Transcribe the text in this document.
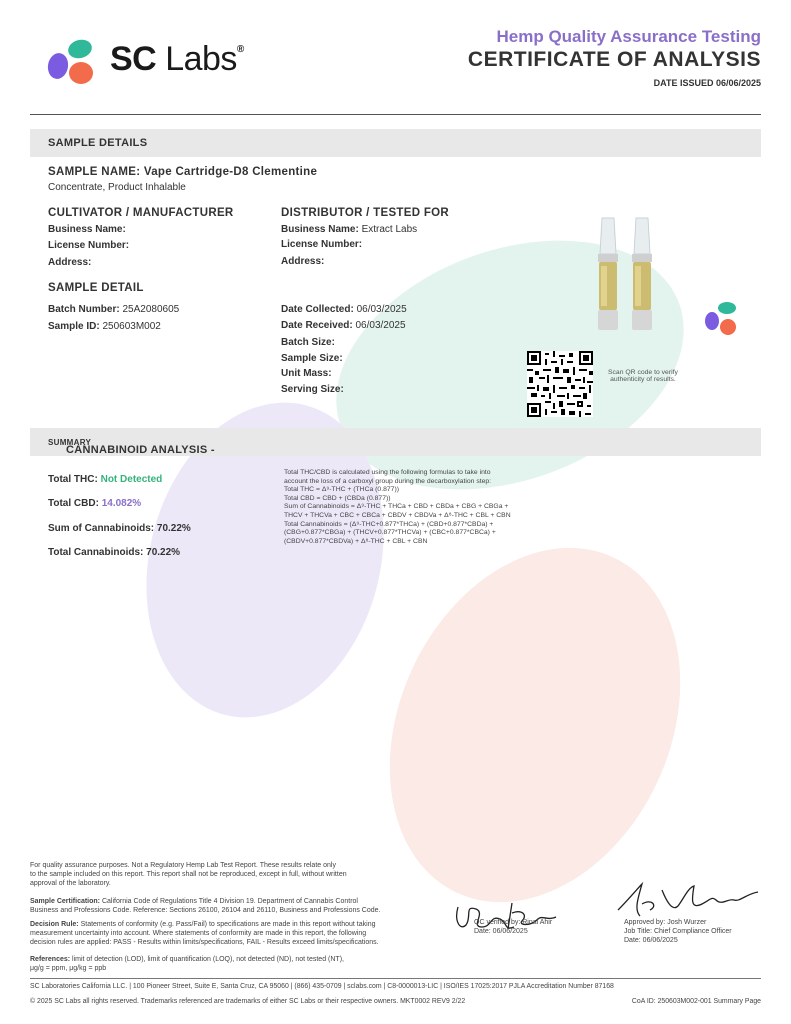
SC Labs®
Hemp Quality Assurance Testing
CERTIFICATE OF ANALYSIS
DATE ISSUED 06/06/2025
SAMPLE DETAILS
SAMPLE NAME: Vape Cartridge-D8 Clementine
Concentrate, Product Inhalable
CULTIVATOR / MANUFACTURER
Business Name:
License Number:
Address:
DISTRIBUTOR / TESTED FOR
Business Name: Extract Labs
License Number:
Address:
SAMPLE DETAIL
Batch Number: 25A2080605
Sample ID: 250603M002
Date Collected: 06/03/2025
Date Received: 06/03/2025
Batch Size:
Sample Size:
Unit Mass:
Serving Size:
Scan QR code to verify
authenticity of results.
CANNABINOID ANALYSIS -
SUMMARY
Total THC: Not Detected
Total CBD: 14.082%
Sum of Cannabinoids: 70.22%
Total Cannabinoids: 70.22%
Total THC/CBD is calculated using the following formulas to take into
account the loss of a carboxyl group during the decarboxylation step:
Total THC = Δ⁹-THC + (THCa (0.877))
Total CBD = CBD + (CBDa (0.877))
Sum of Cannabinoids = Δ⁹-THC + THCa + CBD + CBDa + CBG + CBGa +
THCV + THCVa + CBC + CBCa + CBDV + CBDVa + Δ⁸-THC + CBL + CBN
Total Cannabinoids = (Δ⁹-THC+0.877*THCa) + (CBD+0.877*CBDa) +
(CBG+0.877*CBGa) + (THCV+0.877*THCVa) + (CBC+0.877*CBCa) +
(CBDV+0.877*CBDVa) + Δ⁸-THC + CBL + CBN
For quality assurance purposes. Not a Regulatory Hemp Lab Test Report. These results relate only
to the sample included on this report. This report shall not be reproduced, except in full, without written
approval of the laboratory.
Sample Certification: California Code of Regulations Title 4 Division 19. Department of Cannabis Control
Business and Professions Code. Reference: Sections 26100, 26104 and 26110, Business and Professions Code.
Decision Rule: Statements of conformity (e.g. Pass/Fail) to specifications are made in this report without taking
measurement uncertainty into account. Where statements of conformity are made in this report, the following
decision rules are applied: PASS - Results within limits/specifications, FAIL - Results exceed limits/specifications.
References: limit of detection (LOD), limit of quantification (LOQ), not detected (ND), not tested (NT),
μg/g = ppm, μg/kg = ppb
QC verified by: Rinal Ahir
Date: 06/06/2025
Approved by: Josh Wurzer
Job Title: Chief Compliance Officer
Date: 06/06/2025
SC Laboratories California LLC. | 100 Pioneer Street, Suite E, Santa Cruz, CA 95060 | (866) 435-0709 | sclabs.com | C8-0000013-LIC | ISO/IES 17025:2017 PJLA Accreditation Number 87168
© 2025 SC Labs all rights reserved. Trademarks referenced are trademarks of either SC Labs or their respective owners. MKT0002 REV9 2/22	CoA ID: 250603M002-001 Summary Page
